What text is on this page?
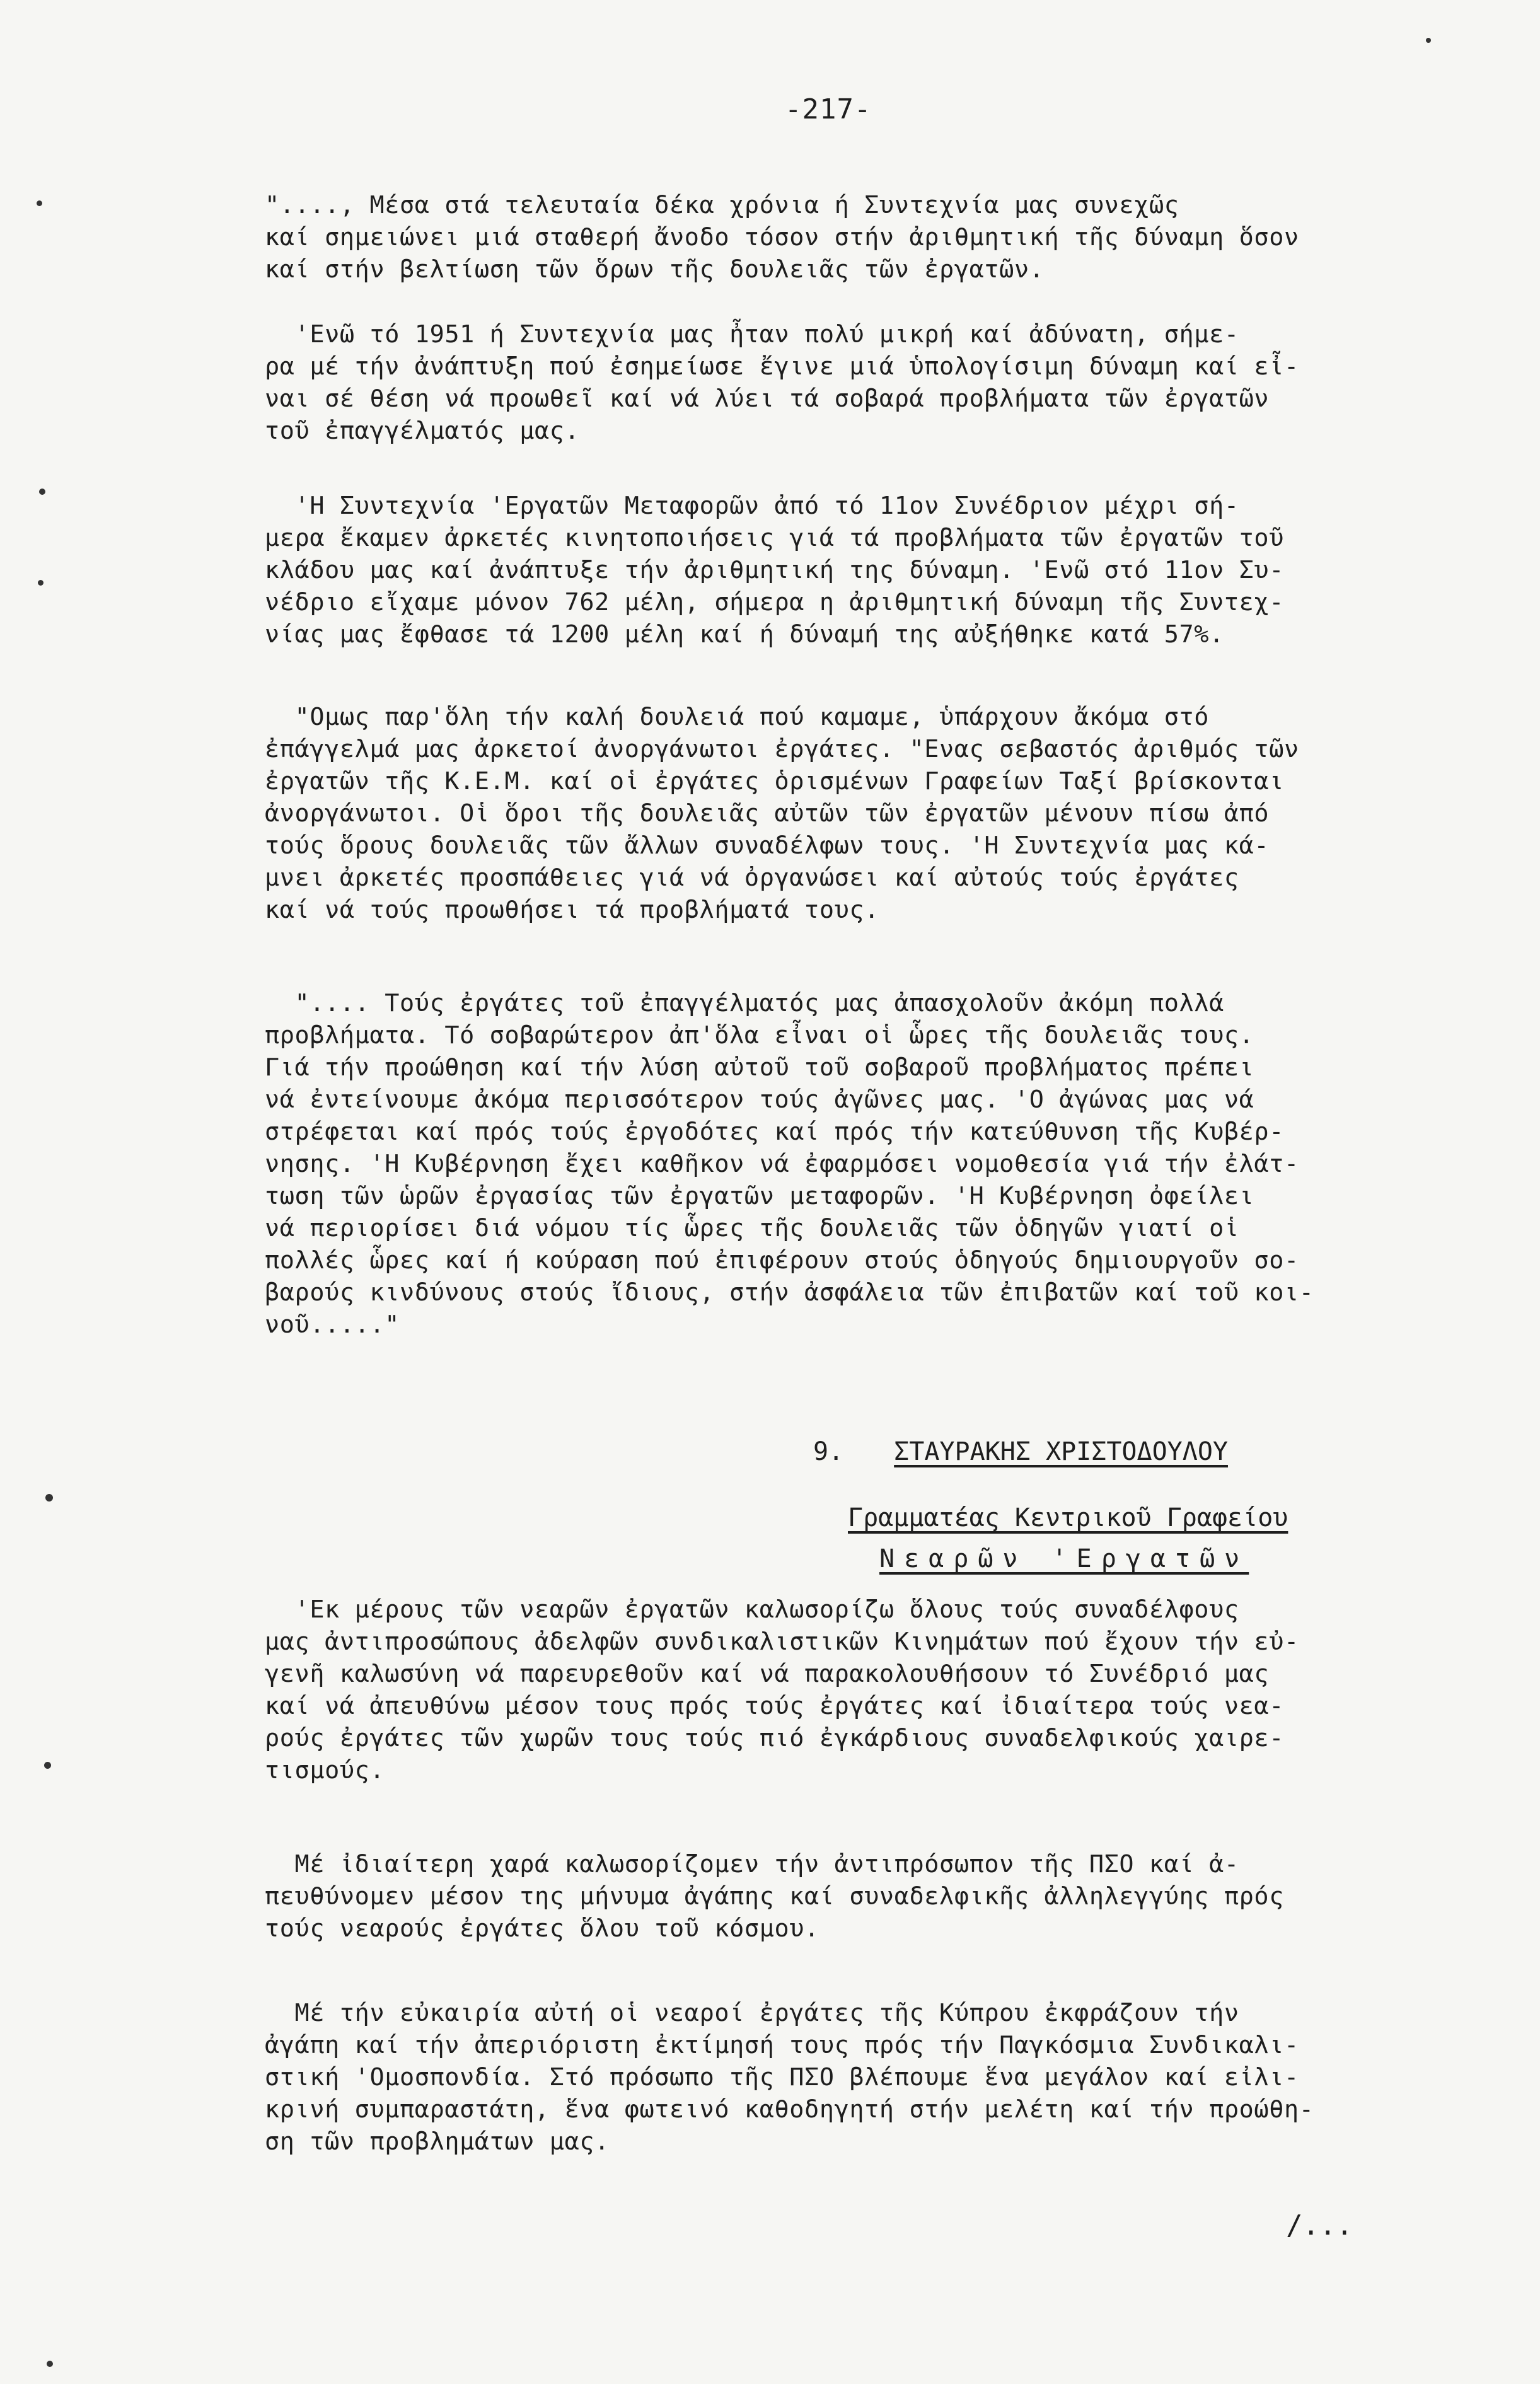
-217-
"...., Μέσα στά τελευταία δέκα χρόνια ή Συντεχνία μας συνεχῶς
καί σημειώνει μιά σταθερή ἄνοδο τόσον στήν ἀριθμητική τῆς δύναμη ὅσον
καί στήν βελτίωση τῶν ὅρων τῆς δουλειᾶς τῶν ἐργατῶν.
'Ενῶ τό 1951 ή Συντεχνία μας ἦταν πολύ μικρή καί ἀδύνατη, σήμε-
ρα μέ τήν ἀνάπτυξη πού ἐσημείωσε ἔγινε μιά ὑπολογίσιμη δύναμη καί εἶ-
ναι σέ θέση νά προωθεῖ καί νά λύει τά σοβαρά προβλήματα τῶν ἐργατῶν
τοῦ ἐπαγγέλματός μας.
'Η Συντεχνία 'Εργατῶν Μεταφορῶν ἀπό τό 11ον Συνέδριον μέχρι σή-
μερα ἔκαμεν ἀρκετές κινητοποιήσεις γιά τά προβλήματα τῶν ἐργατῶν τοῦ
κλάδου μας καί ἀνάπτυξε τήν ἀριθμητική της δύναμη. 'Ενῶ στό 11ον Συ-
νέδριο εἴχαμε μόνον 762 μέλη, σήμερα η ἀριθμητική δύναμη τῆς Συντεχ-
νίας μας ἔφθασε τά 1200 μέλη καί ή δύναμή της αὐξήθηκε κατά 57%.
"Ομως παρ'ὅλη τήν καλή δουλειά πού καμαμε, ὑπάρχουν ἄκόμα στό
ἐπάγγελμά μας ἀρκετοί ἀνοργάνωτοι ἐργάτες. "Ενας σεβαστός ἀριθμός τῶν
ἐργατῶν τῆς Κ.Ε.Μ. καί οἱ ἐργάτες ὁρισμένων Γραφείων Ταξί βρίσκονται
ἀνοργάνωτοι. Οἱ ὅροι τῆς δουλειᾶς αὐτῶν τῶν ἐργατῶν μένουν πίσω ἀπό
τούς ὅρους δουλειᾶς τῶν ἄλλων συναδέλφων τους. 'Η Συντεχνία μας κά-
μνει ἀρκετές προσπάθειες γιά νά ὀργανώσει καί αὐτούς τούς ἐργάτες
καί νά τούς προωθήσει τά προβλήματά τους.
".... Τούς ἐργάτες τοῦ ἐπαγγέλματός μας ἀπασχολοῦν ἀκόμη πολλά
προβλήματα. Τό σοβαρώτερον ἀπ'ὅλα εἶναι οἱ ὧρες τῆς δουλειᾶς τους.
Γιά τήν προώθηση καί τήν λύση αὐτοῦ τοῦ σοβαροῦ προβλήματος πρέπει
νά ἐντείνουμε ἀκόμα περισσότερον τούς ἀγῶνες μας. 'Ο ἀγώνας μας νά
στρέφεται καί πρός τούς ἐργοδότες καί πρός τήν κατεύθυνση τῆς Κυβέρ-
νησης. 'Η Κυβέρνηση ἔχει καθῆκον νά ἐφαρμόσει νομοθεσία γιά τήν ἐλάτ-
τωση τῶν ὡρῶν ἐργασίας τῶν ἐργατῶν μεταφορῶν. 'Η Κυβέρνηση ὀφείλει
νά περιορίσει διά νόμου τίς ὧρες τῆς δουλειᾶς τῶν ὁδηγῶν γιατί οἱ
πολλές ὧρες καί ή κούραση πού ἐπιφέρουν στούς ὁδηγούς δημιουργοῦν σο-
βαρούς κινδύνους στούς ἴδιους, στήν ἀσφάλεια τῶν ἐπιβατῶν καί τοῦ κοι-
νοῦ....."
9. ΣΤΑΥΡΑΚΗΣ ΧΡΙΣΤΟΔΟΥΛΟΥ
Γραμματέας Κεντρικοῦ Γραφείου
Νεαρῶν 'Εργατῶν
'Εκ μέρους τῶν νεαρῶν ἐργατῶν καλωσορίζω ὅλους τούς συναδέλφους
μας ἀντιπροσώπους ἀδελφῶν συνδικαλιστικῶν Κινημάτων πού ἔχουν τήν εὐ-
γενῆ καλωσύνη νά παρευρεθοῦν καί νά παρακολουθήσουν τό Συνέδριό μας
καί νά ἀπευθύνω μέσον τους πρός τούς ἐργάτες καί ἰδιαίτερα τούς νεα-
ρούς ἐργάτες τῶν χωρῶν τους τούς πιό ἐγκάρδιους συναδελφικούς χαιρε-
τισμούς.
Μέ ἰδιαίτερη χαρά καλωσορίζομεν τήν ἀντιπρόσωπον τῆς ΠΣΟ καί ἀ-
πευθύνομεν μέσον της μήνυμα ἀγάπης καί συναδελφικῆς ἀλληλεγγύης πρός
τούς νεαρούς ἐργάτες ὅλου τοῦ κόσμου.
Μέ τήν εὐκαιρία αὐτή οἱ νεαροί ἐργάτες τῆς Κύπρου ἐκφράζουν τήν
ἀγάπη καί τήν ἀπεριόριστη ἐκτίμησή τους πρός τήν Παγκόσμια Συνδικαλι-
στική 'Ομοσπονδία. Στό πρόσωπο τῆς ΠΣΟ βλέπουμε ἕνα μεγάλον καί εἰλι-
κρινή συμπαραστάτη, ἕνα φωτεινό καθοδηγητή στήν μελέτη καί τήν προώθη-
ση τῶν προβλημάτων μας.
/...
